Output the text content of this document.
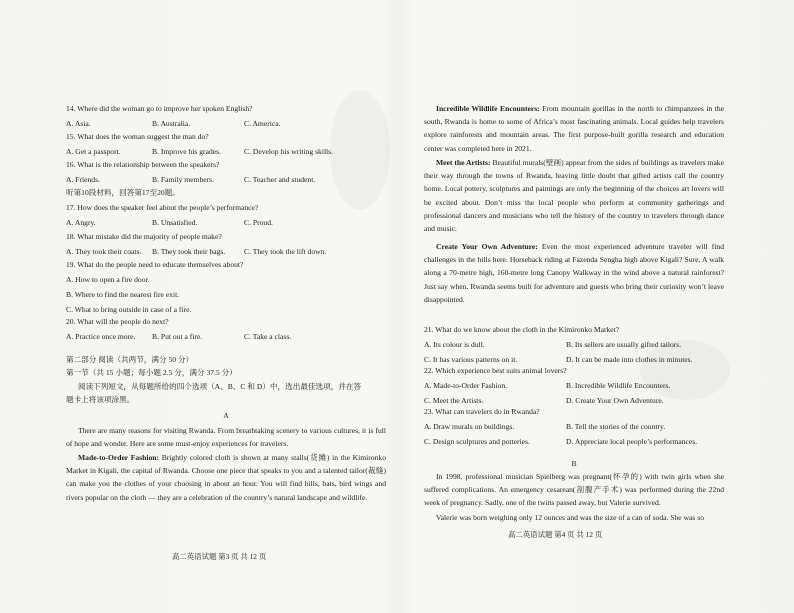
14. Where did the woman go to improve her spoken English?
A. Asia.	B. Australia.	C. America.
15. What does the woman suggest the man do?
A. Get a passport.	B. Improve his grades.	C. Develop his writing skills.
16. What is the relationship between the speakers?
A. Friends.	B. Family members.	C. Teacher and student.
听第10段材料，回答第17至20题。
17. How does the speaker feel about the people’s performance?
A. Angry.	B. Unsatisfied.	C. Proud.
18. What mistake did the majority of people make?
A. They took their coats. B. They took their bags. C. They took the lift down.
19. What do the people need to educate themselves about?
A. How to open a fire door.
B. Where to find the nearest fire exit.
C. What to bring outside in case of a fire.
20. What will the people do next?
A. Practice once more. B. Put out a fire.	C. Take a class.
第二部分 阅读（共两节，满分 50 分）
第一节（共 15 小题；每小题 2.5 分，满分 37.5 分）
阅读下列短文，从每题所给的四个选项（A、B、C 和 D）中，选出最佳选项，并在答
题卡上将该项涂黑。
A
There are many reasons for visiting Rwanda. From breathtaking scenery to various cultures, it is full of hope and wonder. Here are some must-enjoy experiences for travelers.
Made-to-Order Fashion: Brightly colored cloth is shown at many stalls(货摊) in the Kimironko Market in Kigali, the capital of Rwanda. Choose one piece that speaks to you and a talented tailor(裁缝) can make you the clothes of your choosing in about an hour. You will find hills, bats, bird wings and rivers popular on the cloth — they are a celebration of the country’s natural landscape and wildlife.
高二英语试题 第3 页 共 12 页
Incredible Wildlife Encounters: From mountain gorillas in the north to chimpanzees in the south, Rwanda is home to some of Africa’s most fascinating animals. Local guides help travelers explore rainforests and mountain areas. The first purpose-built gorilla research and education center was completed here in 2021.
Meet the Artists: Beautiful murals(壁画) appear from the sides of buildings as travelers make their way through the towns of Rwanda, leaving little doubt that gifted artists call the country home. Local pottery, sculptures and paintings are only the beginning of the choices art lovers will be excited about. Don’t miss the local people who perform at community gatherings and professional dancers and musicians who tell the history of the country to travelers through dance and music.
Create Your Own Adventure: Even the most experienced adventure traveler will find challenges in the hills here. Horseback riding at Fazenda Sengha high above Kigali? Sure. A walk along a 70-metre high, 160-metre long Canopy Walkway in the wind above a natural rainforest? Just say when. Rwanda seems built for adventure and guests who bring their curiosity won’t leave disappointed.
21. What do we know about the cloth in the Kimironko Market?
A. Its colour is dull.	B. Its sellers are usually gifted tailors.
C. It has various patterns on it.	D. It can be made into clothes in minutes.
22. Which experience best suits animal lovers?
A. Made-to-Order Fashion.	B. Incredible Wildlife Encounters.
C. Meet the Artists.	D. Create Your Own Adventure.
23. What can travelers do in Rwanda?
A. Draw murals on buildings.	B. Tell the stories of the country.
C. Design sculptures and potteries.	D. Appreciate local people’s performances.
B
In 1998, professional musician Spielberg was pregnant(怀孕的) with twin girls when she suffered complications. An emergency cesarean(剖腹产手术) was performed during the 22nd week of pregnancy. Sadly, one of the twins passed away, but Valerie survived.
Valerie was born weighing only 12 ounces and was the size of a can of soda. She was so
高二英语试题 第4 页 共 12 页
